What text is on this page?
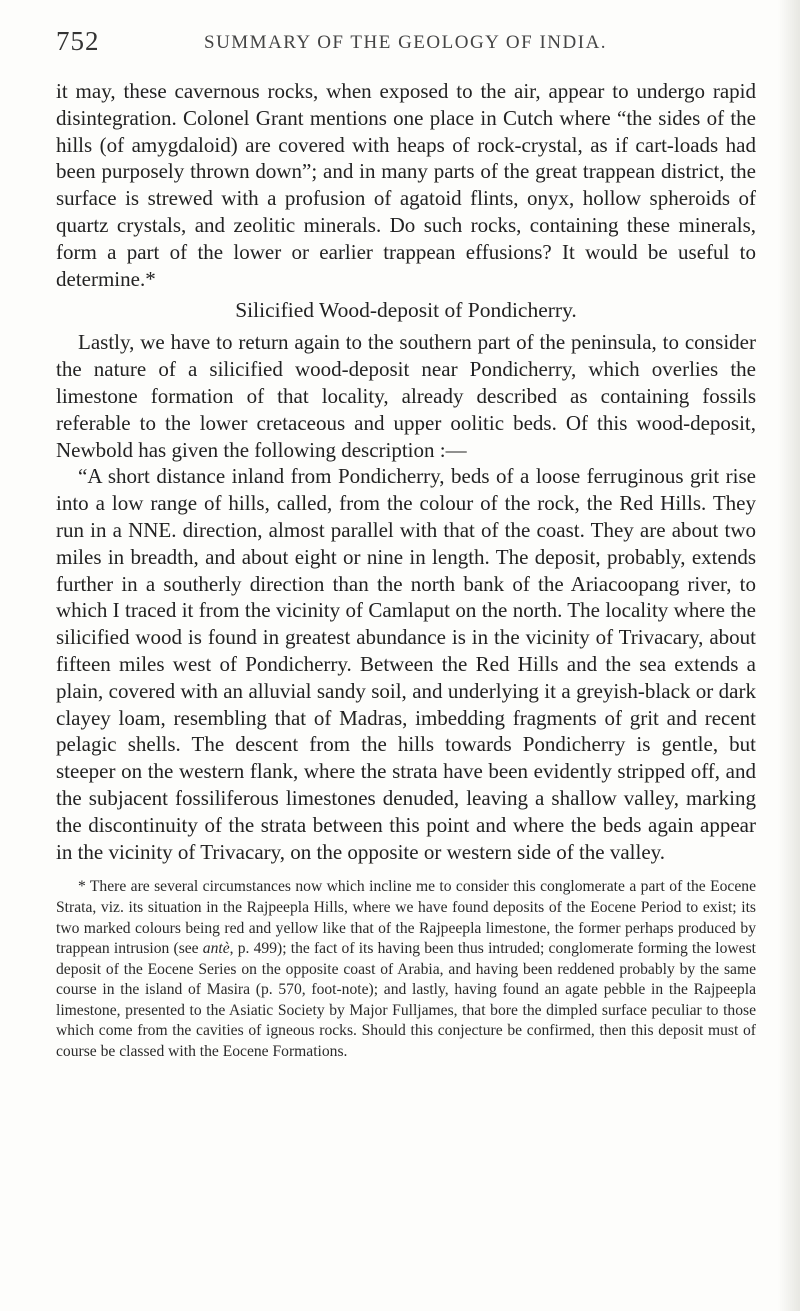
752	SUMMARY OF THE GEOLOGY OF INDIA.

it may, these cavernous rocks, when exposed to the air, appear to undergo rapid disintegration. Colonel Grant mentions one place in Cutch where “the sides of the hills (of amygdaloid) are covered with heaps of rock-crystal, as if cart-loads had been purposely thrown down”; and in many parts of the great trappean district, the surface is strewed with a profusion of agatoid flints, onyx, hollow spheroids of quartz crystals, and zeolitic minerals. Do such rocks, containing these minerals, form a part of the lower or earlier trappean effusions? It would be useful to determine.*

Silicified Wood-deposit of Pondicherry.

Lastly, we have to return again to the southern part of the peninsula, to consider the nature of a silicified wood-deposit near Pondicherry, which overlies the limestone formation of that locality, already described as containing fossils referable to the lower cretaceous and upper oolitic beds. Of this wood-deposit, Newbold has given the following description :—

“A short distance inland from Pondicherry, beds of a loose ferruginous grit rise into a low range of hills, called, from the colour of the rock, the Red Hills. They run in a NNE. direction, almost parallel with that of the coast. They are about two miles in breadth, and about eight or nine in length. The deposit, probably, extends further in a southerly direction than the north bank of the Ariacoopang river, to which I traced it from the vicinity of Camlaput on the north. The locality where the silicified wood is found in greatest abundance is in the vicinity of Trivacary, about fifteen miles west of Pondicherry. Between the Red Hills and the sea extends a plain, covered with an alluvial sandy soil, and underlying it a greyish-black or dark clayey loam, resembling that of Madras, imbedding fragments of grit and recent pelagic shells. The descent from the hills towards Pondicherry is gentle, but steeper on the western flank, where the strata have been evidently stripped off, and the subjacent fossiliferous limestones denuded, leaving a shallow valley, marking the discontinuity of the strata between this point and where the beds again appear in the vicinity of Trivacary, on the opposite or western side of the valley.

* There are several circumstances now which incline me to consider this conglomerate a part of the Eocene Strata, viz. its situation in the Rajpeepla Hills, where we have found deposits of the Eocene Period to exist; its two marked colours being red and yellow like that of the Rajpeepla limestone, the former perhaps produced by trappean intrusion (see antè, p. 499); the fact of its having been thus intruded; conglomerate forming the lowest deposit of the Eocene Series on the opposite coast of Arabia, and having been reddened probably by the same course in the island of Masira (p. 570, foot-note); and lastly, having found an agate pebble in the Rajpeepla limestone, presented to the Asiatic Society by Major Fulljames, that bore the dimpled surface peculiar to those which come from the cavities of igneous rocks. Should this conjecture be confirmed, then this deposit must of course be classed with the Eocene Formations.
